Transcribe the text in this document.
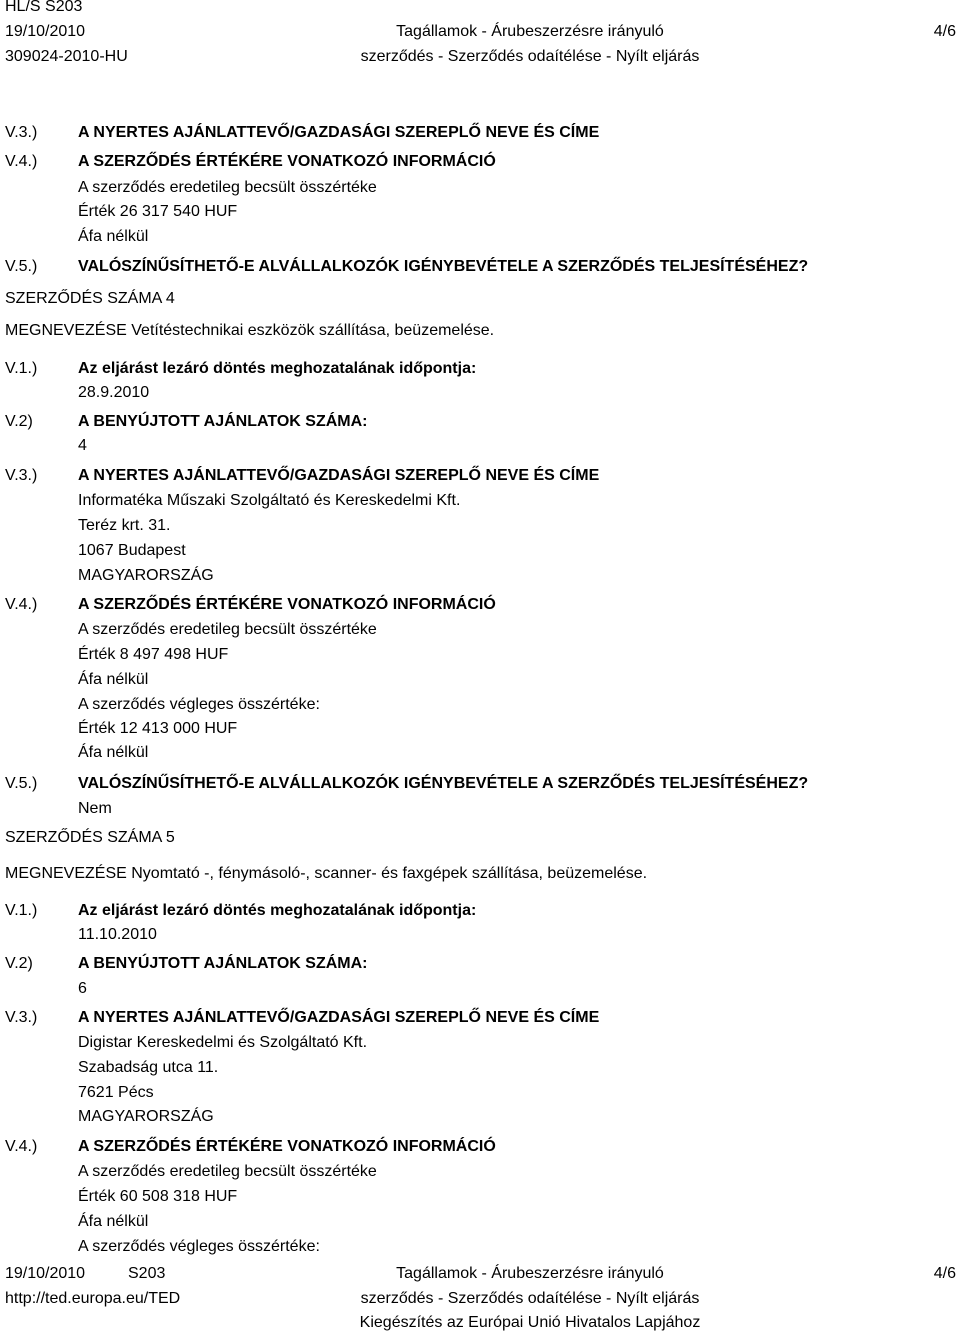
HL/S S203
19/10/2010
309024-2010-HU
Tagállamok - Árubeszerzésre irányuló
szerződés - Szerződés odaítélése - Nyílt eljárás
4/6
V.3.)	A NYERTES AJÁNLATTEVŐ/GAZDASÁGI SZEREPLŐ NEVE ÉS CÍME
V.4.)	A SZERZŐDÉS ÉRTÉKÉRE VONATKOZÓ INFORMÁCIÓ
A szerződés eredetileg becsült összértéke
Érték 26 317 540 HUF
Áfa nélkül
V.5.)	VALÓSZÍNŰSÍTHETŐ-E ALVÁLLALKOZÓK IGÉNYBEVÉTELE A SZERZŐDÉS TELJESÍTÉSÉHEZ?
SZERZŐDÉS SZÁMA 4
MEGNEVEZÉSE Vetítéstechnikai eszközök szállítása, beüzemelése.
V.1.)	Az eljárást lezáró döntés meghozatalának időpontja:
28.9.2010
V.2)	A BENYÚJTOTT AJÁNLATOK SZÁMA:
4
V.3.)	A NYERTES AJÁNLATTEVŐ/GAZDASÁGI SZEREPLŐ NEVE ÉS CÍME
Informatéka Műszaki Szolgáltató és Kereskedelmi Kft.
Teréz krt. 31.
1067 Budapest
MAGYARORSZÁG
V.4.)	A SZERZŐDÉS ÉRTÉKÉRE VONATKOZÓ INFORMÁCIÓ
A szerződés eredetileg becsült összértéke
Érték 8 497 498 HUF
Áfa nélkül
A szerződés végleges összértéke:
Érték 12 413 000 HUF
Áfa nélkül
V.5.)	VALÓSZÍNŰSÍTHETŐ-E ALVÁLLALKOZÓK IGÉNYBEVÉTELE A SZERZŐDÉS TELJESÍTÉSÉHEZ?
Nem
SZERZŐDÉS SZÁMA 5
MEGNEVEZÉSE Nyomtató -, fénymásoló-, scanner- és faxgépek szállítása, beüzemelése.
V.1.)	Az eljárást lezáró döntés meghozatalának időpontja:
11.10.2010
V.2)	A BENYÚJTOTT AJÁNLATOK SZÁMA:
6
V.3.)	A NYERTES AJÁNLATTEVŐ/GAZDASÁGI SZEREPLŐ NEVE ÉS CÍME
Digistar Kereskedelmi és Szolgáltató Kft.
Szabadság utca 11.
7621 Pécs
MAGYARORSZÁG
V.4.)	A SZERZŐDÉS ÉRTÉKÉRE VONATKOZÓ INFORMÁCIÓ
A szerződés eredetileg becsült összértéke
Érték 60 508 318 HUF
Áfa nélkül
A szerződés végleges összértéke:
19/10/2010	S203
http://ted.europa.eu/TED
Tagállamok - Árubeszerzésre irányuló
szerződés - Szerződés odaítélése - Nyílt eljárás
Kiegészítés az Európai Unió Hivatalos Lapjához
4/6
